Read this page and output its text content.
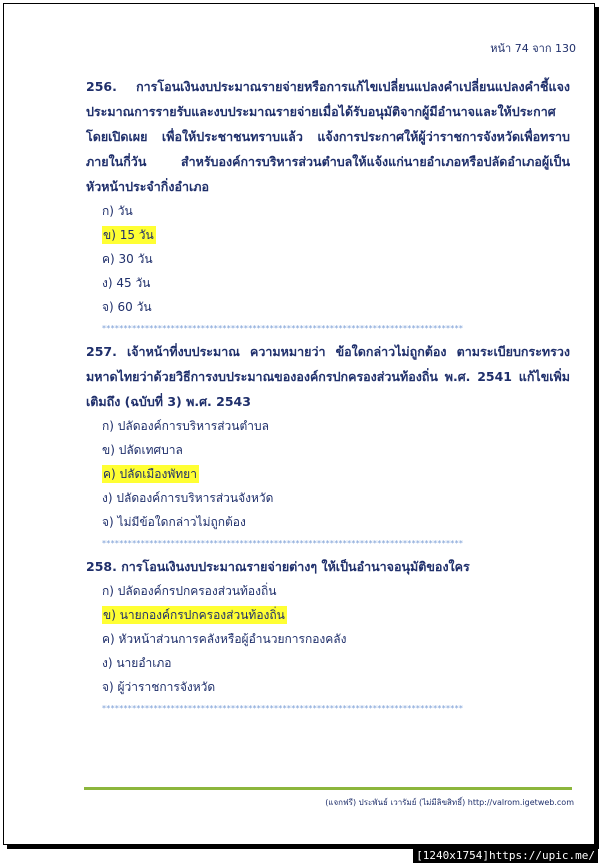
หน้า 74 จาก 130

256. การโอนเงินงบประมาณรายจ่ายหรือการแก้ไขเปลี่ยนแปลงคำเปลี่ยนแปลงคำชี้แจงประมาณการรายรับและงบประมาณรายจ่ายเมื่อได้รับอนุมัติจากผู้มีอำนาจและให้ประกาศโดยเปิดเผย เพื่อให้ประชาชนทราบแล้ว แจ้งการประกาศให้ผู้ว่าราชการจังหวัดเพื่อทราบภายในกี่วัน สำหรับองค์การบริหารส่วนตำบลให้แจ้งแก่นายอำเภอหรือปลัดอำเภอผู้เป็นหัวหน้าประจำกิ่งอำเภอ

ก) วัน
ข) 15 วัน
ค) 30 วัน
ง) 45 วัน
จ) 60 วัน
************************************************************************************

257. เจ้าหน้าที่งบประมาณ ความหมายว่า ข้อใดกล่าวไม่ถูกต้อง ตามระเบียบกระทรวงมหาดไทยว่าด้วยวิธีการงบประมาณขององค์กรปกครองส่วนท้องถิ่น พ.ศ. 2541 แก้ไขเพิ่มเติมถึง (ฉบับที่ 3) พ.ศ. 2543

ก) ปลัดองค์การบริหารส่วนตำบล
ข) ปลัดเทศบาล
ค) ปลัดเมืองพัทยา
ง) ปลัดองค์การบริหารส่วนจังหวัด
จ) ไม่มีข้อใดกล่าวไม่ถูกต้อง
************************************************************************************

258. การโอนเงินงบประมาณรายจ่ายต่างๆ ให้เป็นอำนาจอนุมัติของใคร

ก) ปลัดองค์กรปกครองส่วนท้องถิ่น
ข) นายกองค์กรปกครองส่วนท้องถิ่น
ค) หัวหน้าส่วนการคลังหรือผู้อำนวยการกองคลัง
ง) นายอำเภอ
จ) ผู้ว่าราชการจังหวัด
************************************************************************************
(แจกฟรี) ประพันธ์ เวารัมย์ (ไม่มีลิขสิทธิ์) http://valrom.igetweb.com
[1240x1754]https://upic.me/
